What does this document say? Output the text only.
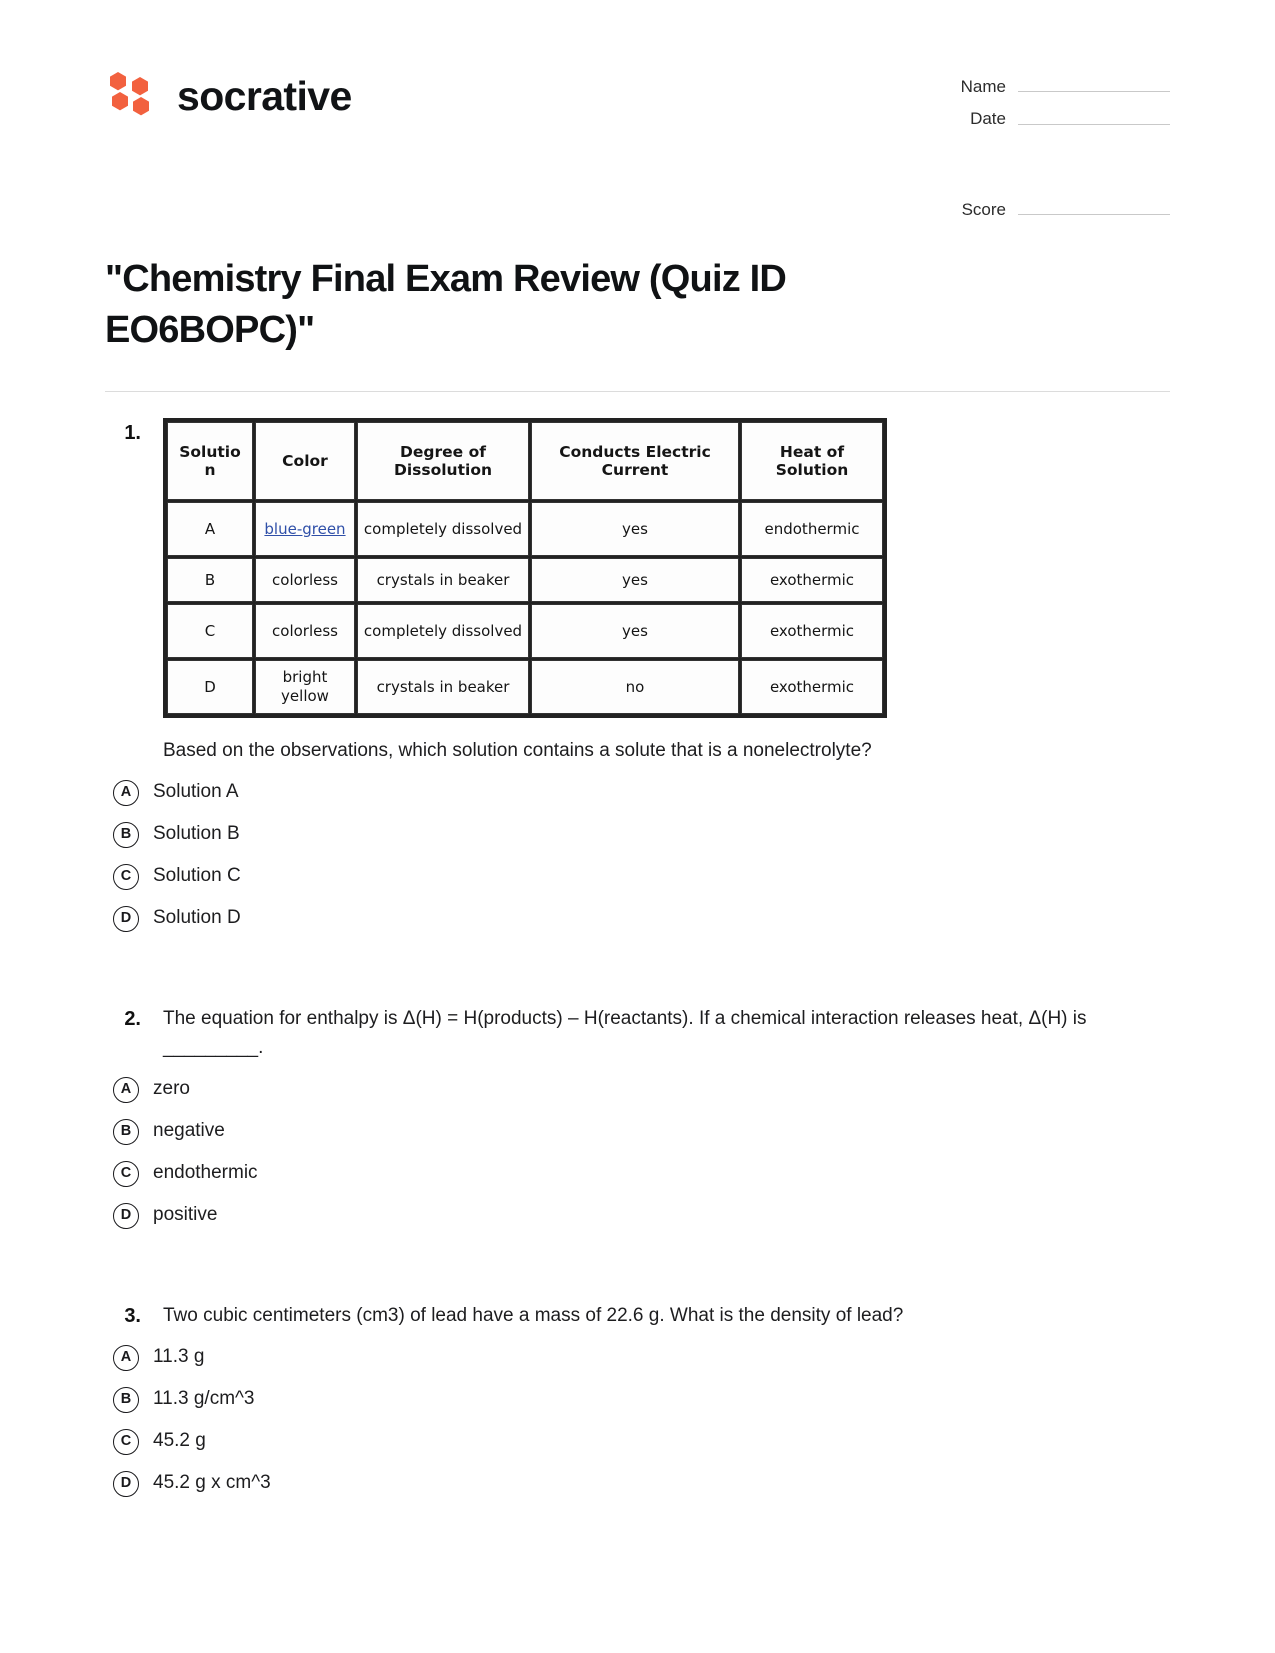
socrative	Name
Date
Score
"Chemistry Final Exam Review (Quiz ID EO6BOPC)"
1.
Solutio n	Color	Degree of Dissolution	Conducts Electric Current	Heat of Solution
A	blue-green	completely dissolved	yes	endothermic
B	colorless	crystals in beaker	yes	exothermic
C	colorless	completely dissolved	yes	exothermic
D	bright yellow	crystals in beaker	no	exothermic
Based on the observations, which solution contains a solute that is a nonelectrolyte?
A	Solution A
B	Solution B
C	Solution C
D	Solution D
2.	The equation for enthalpy is Δ(H) = H(products) – H(reactants). If a chemical interaction releases heat, Δ(H) is _________.
A	zero
B	negative
C	endothermic
D	positive
3.	Two cubic centimeters (cm3) of lead have a mass of 22.6 g. What is the density of lead?
A	11.3 g
B	11.3 g/cm^3
C	45.2 g
D	45.2 g x cm^3
